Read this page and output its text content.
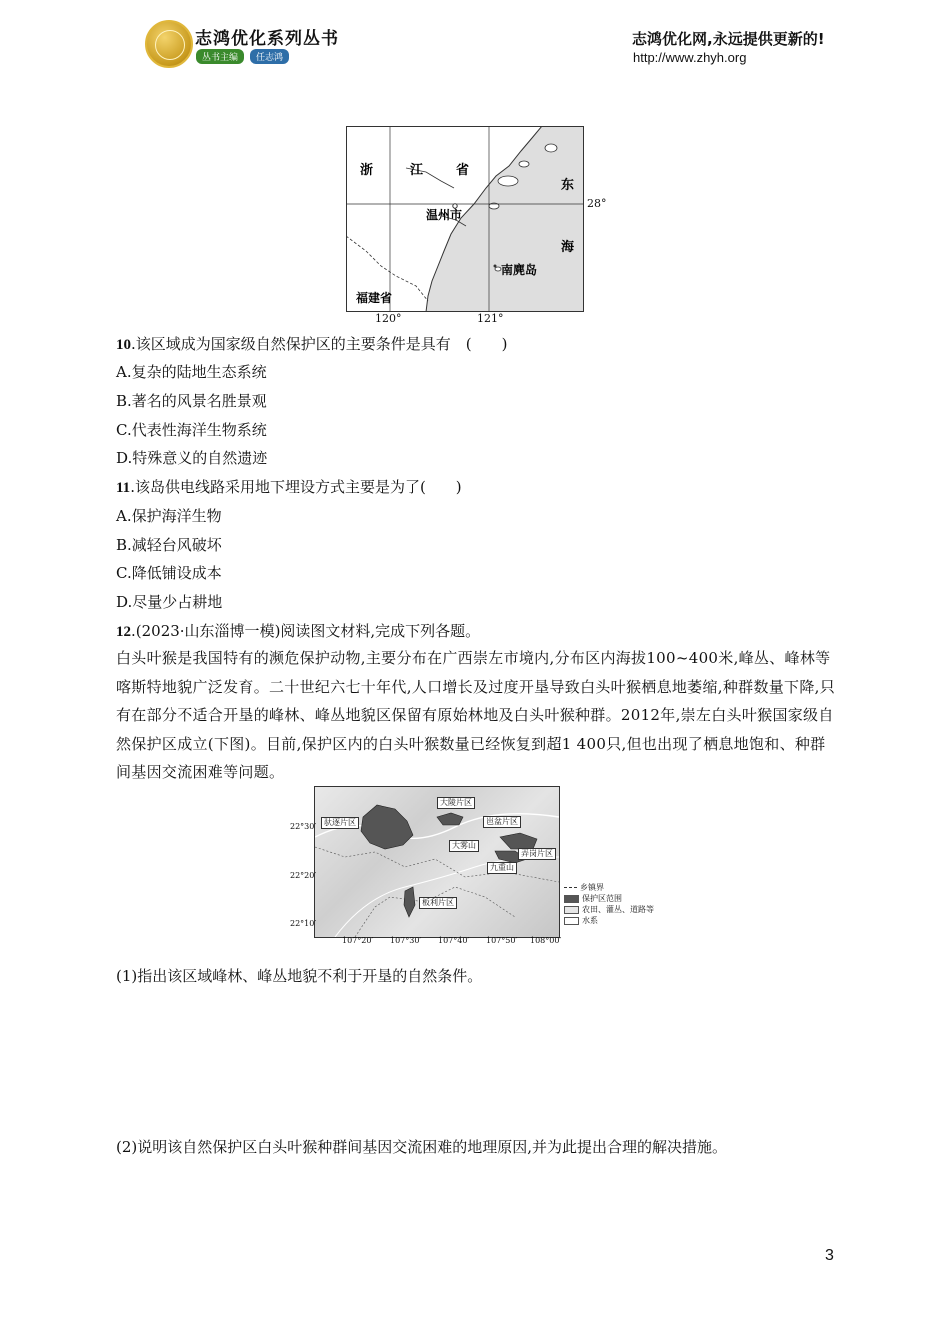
志鸿优化系列丛书
丛书主编	任志鸿
志鸿优化网,永远提供更新的!
http://www.zhyh.org
浙	江	省
温州市
东
海
南麂岛
福建省
28°
120°	121°
10.该区域成为国家级自然保护区的主要条件是具有　(　　)
A.复杂的陆地生态系统
B.著名的风景名胜景观
C.代表性海洋生物系统
D.特殊意义的自然遗迹
11.该岛供电线路采用地下埋设方式主要是为了(　　)
A.保护海洋生物
B.减轻台风破坏
C.降低铺设成本
D.尽量少占耕地
12.(2023·山东淄博一模)阅读图文材料,完成下列各题。
白头叶猴是我国特有的濒危保护动物,主要分布在广西崇左市境内,分布区内海拔100~400米,峰丛、峰林等喀斯特地貌广泛发育。二十世纪六七十年代,人口增长及过度开垦导致白头叶猴栖息地萎缩,种群数量下降,只有在部分不适合开垦的峰林、峰丛地貌区保留有原始林地及白头叶猴种群。2012年,崇左白头叶猴国家级自然保护区成立(下图)。目前,保护区内的白头叶猴数量已经恢复到超1 400只,但也出现了栖息地饱和、种群间基因交流困难等问题。
大陵片区
驮逐片区	岜盆片区
大雾山
九重山
弄岗片区
板利片区
22°30′
22°20′
22°10′
107°20′ 107°30′ 107°40′ 107°50′ 108°00′
乡镇界
保护区范围
农田、灌丛、道路等
水系
(1)指出该区域峰林、峰丛地貌不利于开垦的自然条件。
(2)说明该自然保护区白头叶猴种群间基因交流困难的地理原因,并为此提出合理的解决措施。
3
